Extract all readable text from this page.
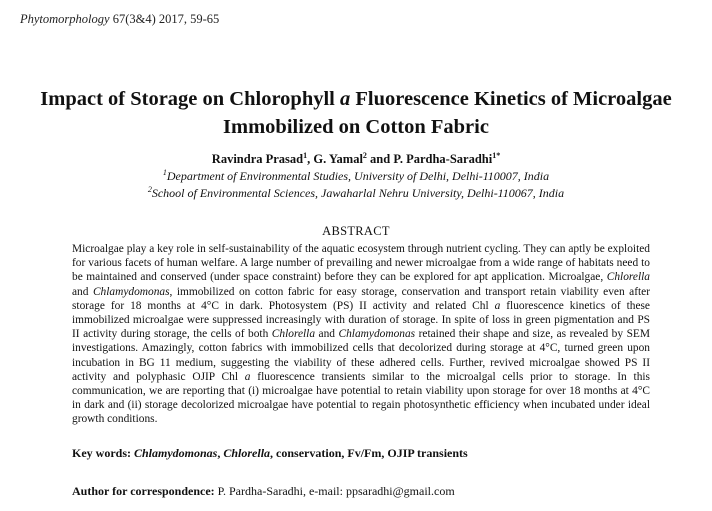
Phytomorphology 67(3&4) 2017, 59-65
Impact of Storage on Chlorophyll a Fluorescence Kinetics of Microalgae Immobilized on Cotton Fabric
Ravindra Prasad$^1$, G. Yamal$^2$ and P. Pardha-Saradhi$^{1*}$
$^1$Department of Environmental Studies, University of Delhi, Delhi-110007, India
$^2$School of Environmental Sciences, Jawaharlal Nehru University, Delhi-110067, India
ABSTRACT
Microalgae play a key role in self-sustainability of the aquatic ecosystem through nutrient cycling. They can aptly be exploited for various facets of human welfare. A large number of prevailing and newer microalgae from a wide range of habitats need to be maintained and conserved (under space constraint) before they can be explored for apt application. Microalgae, Chlorella and Chlamydomonas, immobilized on cotton fabric for easy storage, conservation and transport retain viability even after storage for 18 months at 4°C in dark. Photosystem (PS) II activity and related Chl a fluorescence kinetics of these immobilized microalgae were suppressed increasingly with duration of storage. In spite of loss in green pigmentation and PS II activity during storage, the cells of both Chlorella and Chlamydomonas retained their shape and size, as revealed by SEM investigations. Amazingly, cotton fabrics with immobilized cells that decolorized during storage at 4°C, turned green upon incubation in BG 11 medium, suggesting the viability of these adhered cells. Further, revived microalgae showed PS II activity and polyphasic OJIP Chl a fluorescence transients similar to the microalgal cells prior to storage. In this communication, we are reporting that (i) microalgae have potential to retain viability upon storage for over 18 months at 4°C in dark and (ii) storage decolorized microalgae have potential to regain photosynthetic efficiency when incubated under ideal growth conditions.
Key words: Chlamydomonas, Chlorella, conservation, Fv/Fm, OJIP transients
Author for correspondence: P. Pardha-Saradhi, e-mail: ppsaradhi@gmail.com
